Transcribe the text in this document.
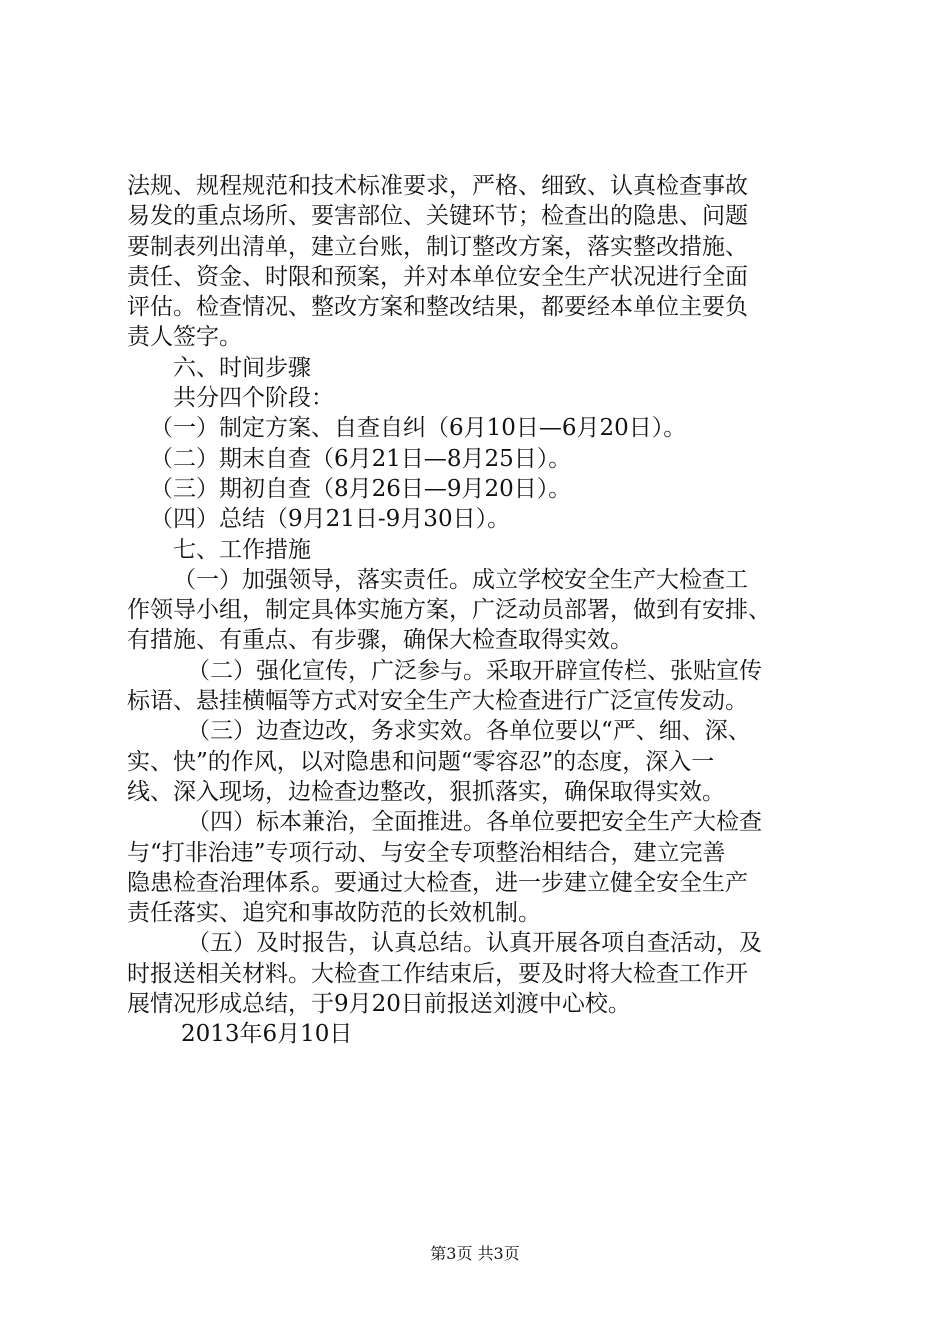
法规、规程规范和技术标准要求，严格、细致、认真检查事故
易发的重点场所、要害部位、关键环节；检查出的隐患、问题
要制表列出清单，建立台账，制订整改方案，落实整改措施、
责任、资金、时限和预案，并对本单位安全生产状况进行全面
评估。检查情况、整改方案和整改结果，都要经本单位主要负
责人签字。
六、时间步骤
共分四个阶段：
（一）制定方案、自查自纠（6月10日—6月20日）。
（二）期末自查（6月21日—8月25日）。
（三）期初自查（8月26日—9月20日）。
（四）总结（9月21日-9月30日）。
七、工作措施
（一）加强领导，落实责任。成立学校安全生产大检查工
作领导小组，制定具体实施方案，广泛动员部署，做到有安排、
有措施、有重点、有步骤，确保大检查取得实效。
（二）强化宣传，广泛参与。采取开辟宣传栏、张贴宣传
标语、悬挂横幅等方式对安全生产大检查进行广泛宣传发动。
（三）边查边改，务求实效。各单位要以“严、细、深、
实、快”的作风，以对隐患和问题“零容忍”的态度，深入一
线、深入现场，边检查边整改，狠抓落实，确保取得实效。
（四）标本兼治，全面推进。各单位要把安全生产大检查
与“打非治违”专项行动、与安全专项整治相结合，建立完善
隐患检查治理体系。要通过大检查，进一步建立健全安全生产
责任落实、追究和事故防范的长效机制。
（五）及时报告，认真总结。认真开展各项自查活动，及
时报送相关材料。大检查工作结束后，要及时将大检查工作开
展情况形成总结，于9月20日前报送刘渡中心校。
2013年6月10日
第3页 共3页
